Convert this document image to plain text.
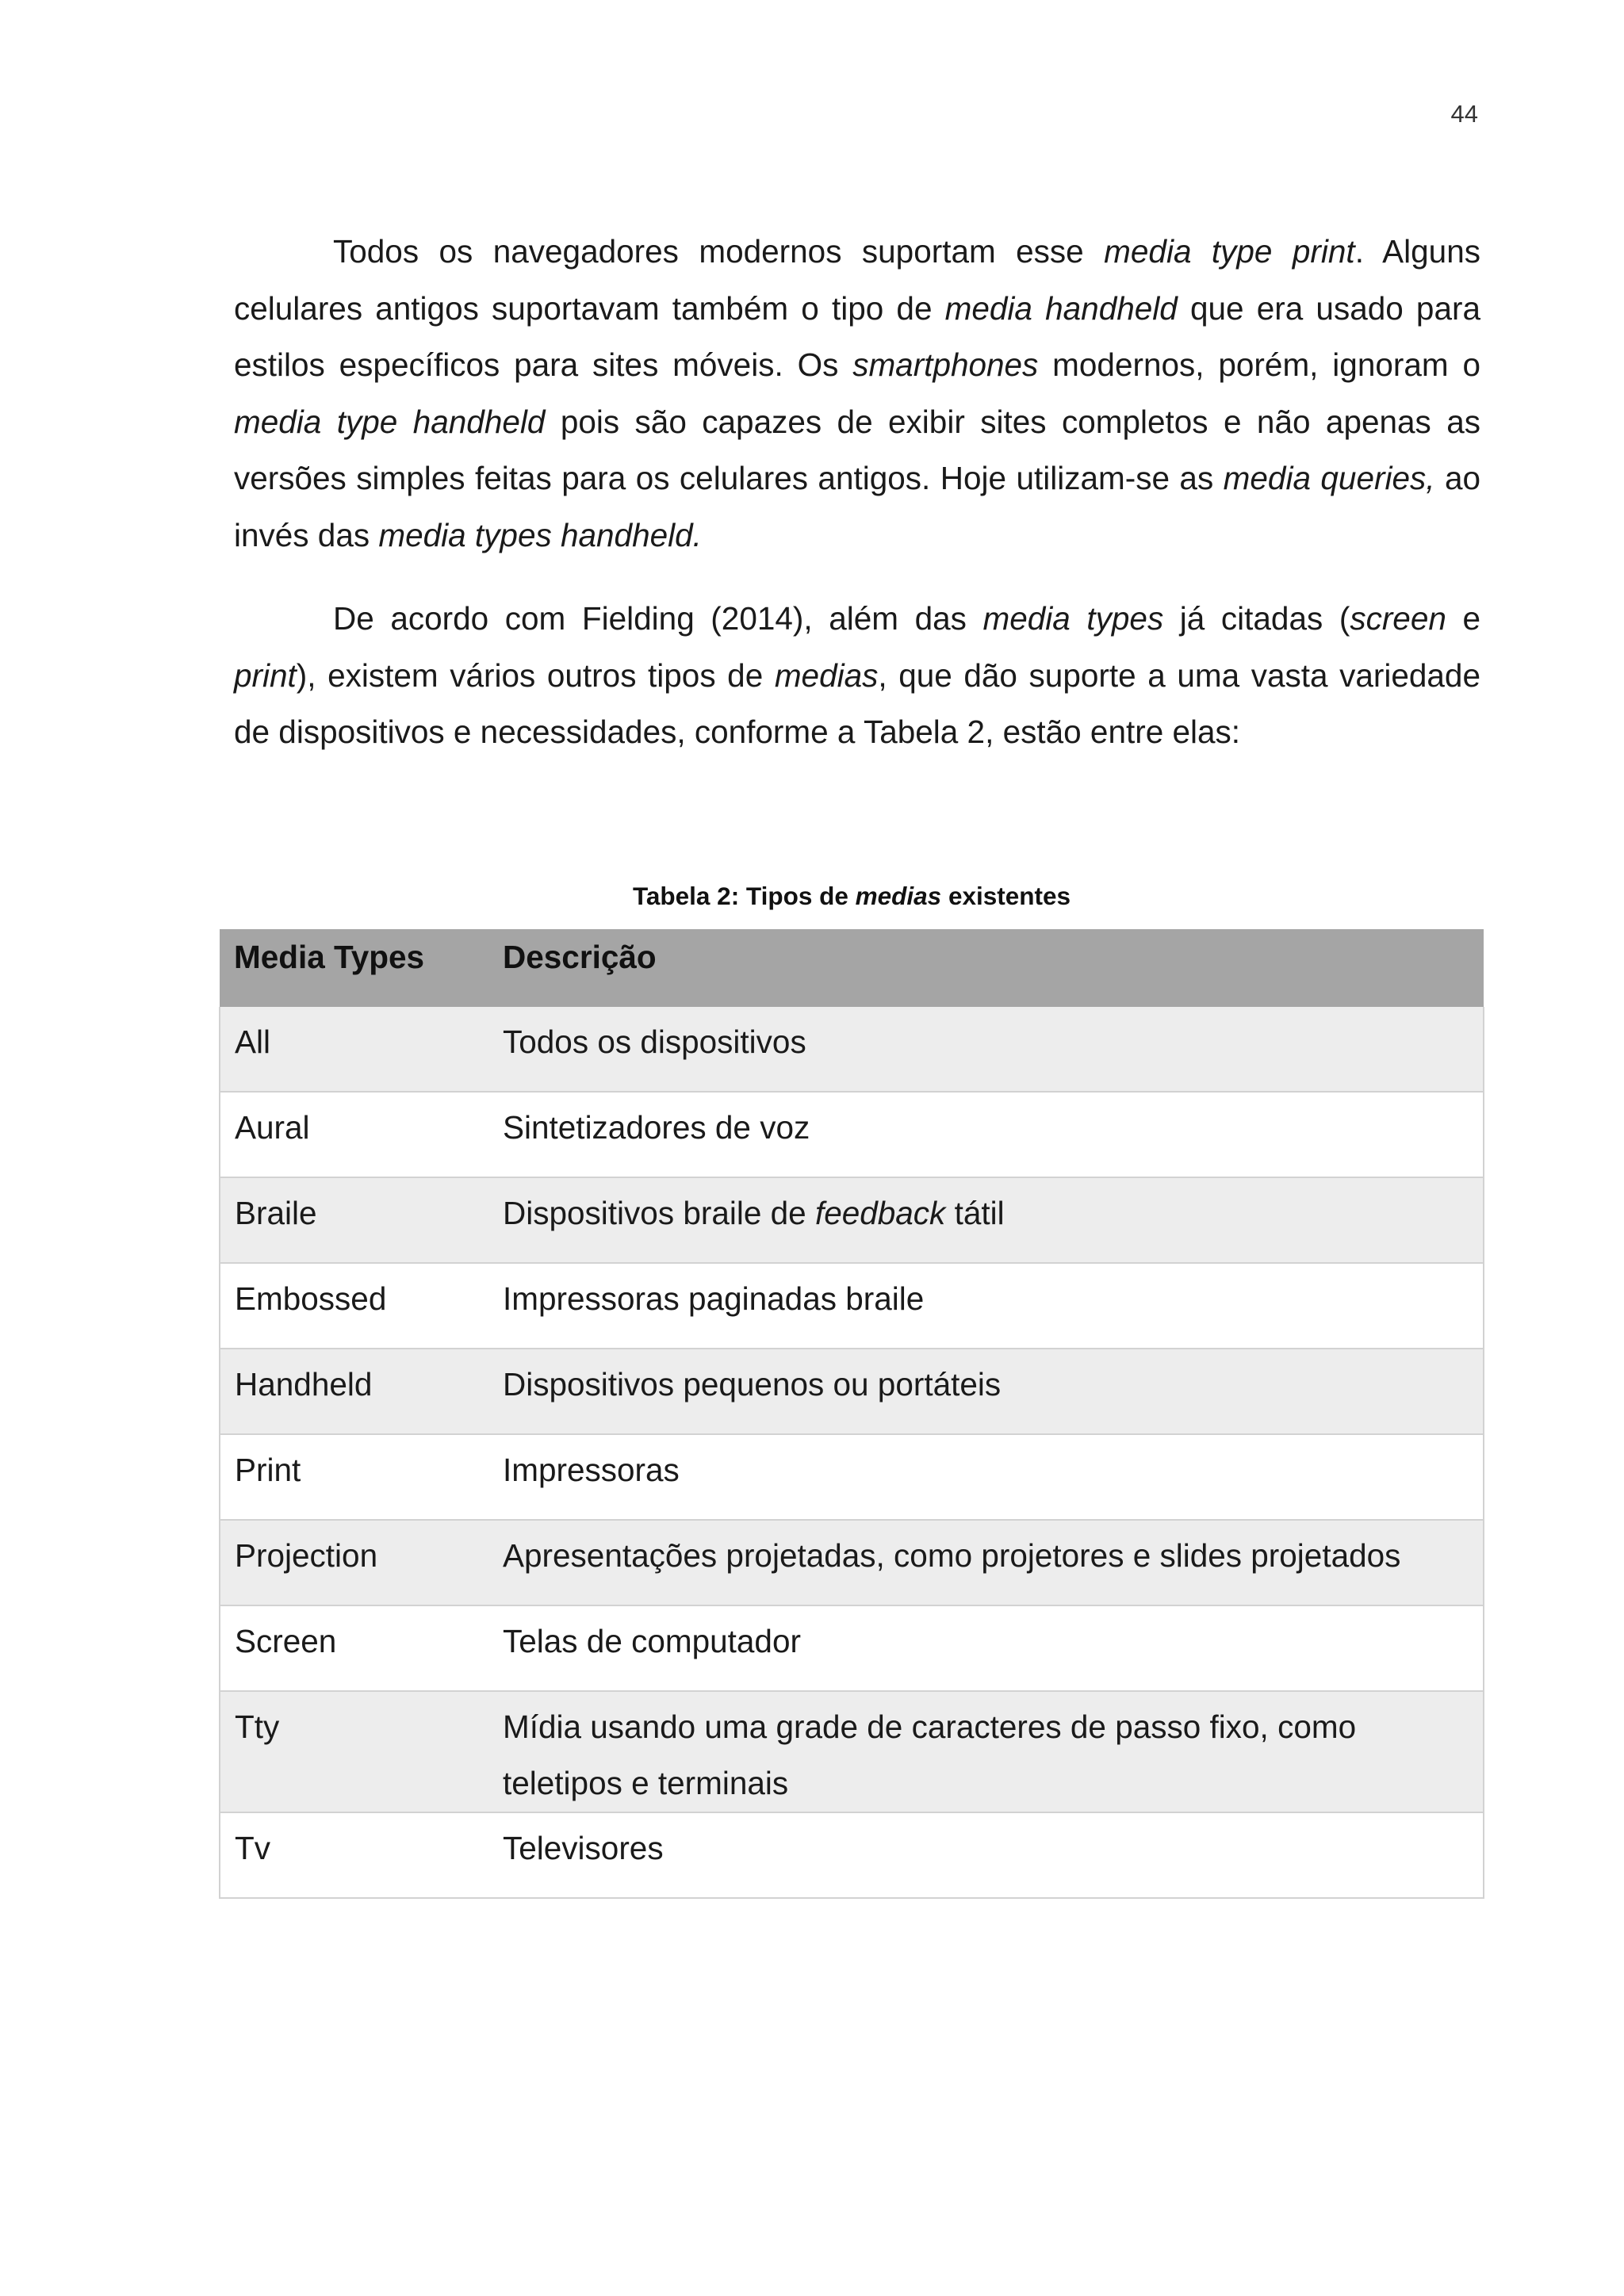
44

Todos os navegadores modernos suportam esse media type print. Alguns celulares antigos suportavam também o tipo de media handheld que era usado para estilos específicos para sites móveis. Os smartphones modernos, porém, ignoram o media type handheld pois são capazes de exibir sites completos e não apenas as versões simples feitas para os celulares antigos. Hoje utilizam-se as media queries, ao invés das media types handheld.

De acordo com Fielding (2014), além das media types já citadas (screen e print), existem vários outros tipos de medias, que dão suporte a uma vasta variedade de dispositivos e necessidades, conforme a Tabela 2, estão entre elas:

Tabela 2: Tipos de medias existentes
Media Types	Descrição
All	Todos os dispositivos
Aural	Sintetizadores de voz
Braile	Dispositivos braile de feedback tátil
Embossed	Impressoras paginadas braile
Handheld	Dispositivos pequenos ou portáteis
Print	Impressoras
Projection	Apresentações projetadas, como projetores e slides projetados
Screen	Telas de computador
Tty	Mídia usando uma grade de caracteres de passo fixo, como teletipos e terminais
Tv	Televisores
